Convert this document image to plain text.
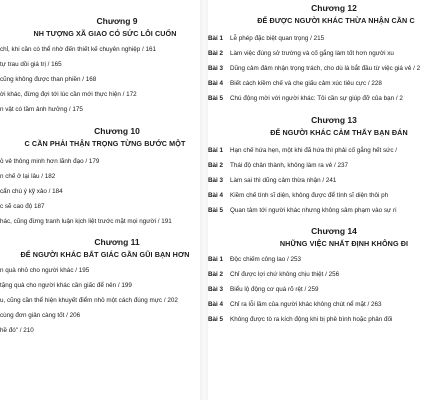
Chương 9
NH TƯỢNG XÃ GIAO CÓ SỨC LÔI CUỐN
chỉ, khi cần có thể nhờ đến thiết kế chuyên nghiệp / 161
tự trau dồi giá trị / 165
cũng không được than phiền / 168
ời khác, đừng đợi tới lúc cần mới thực hiện / 172
n vật có tầm ảnh hưởng / 175
Chương 10
C CẦN PHẢI THẬN TRỌNG TỪNG BƯỚC MỘT
ỏ vẻ thông minh hơn lãnh đạo / 179
n chế ở lại lâu / 182
cẩn chú ý kỹ xảo / 184
c sẽ cao độ 187
hác, cũng đừng tranh luận kịch liệt trước mặt mọi người / 191
Chương 11
ĐỂ NGƯỜI KHÁC BẤT GIÁC GẦN GŨI BẠN HƠN
n quà nhỏ cho người khác / 195
tặng quà cho người khác cần giấc để nên / 199
u, cũng cần thể hiện khuyết điểm nhỏ một cách đúng mực / 202
cùng đơn giản càng tốt / 206
hề đó" / 210
Chương 12
ĐỂ ĐƯỢC NGƯỜI KHÁC THỪA NHẬN CẦN C
Bài 1 Lễ phép đặc biệt quan trọng / 215
Bài 2 Làm việc đúng sở trường và cố gắng làm tốt hơn người xu
Bài 3 Dũng cảm đảm nhận trọng trách, cho dù là bắt đầu từ việc giá vẻ / 2
Bài 4 Biết cách kiềm chế và che giấu cảm xúc tiêu cực / 228
Bài 5 Chú động mời với người khác: Tôi cần sự giúp đỡ của bạn / 2
Chương 13
ĐỂ NGƯỜI KHÁC CẢM THẤY BẠN ĐÁN
Bài 1 Hạn chế hứa hẹn, một khi đã hứa thì phải cố gắng hết sức /
Bài 2 Thái độ chân thành, không làm ra vẻ / 237
Bài 3 Làm sai thì dũng cảm thừa nhận / 241
Bài 4 Kiềm chế tính sĩ diện, không được để tính sĩ diện thôi ph
Bài 5 Quan tâm tới người khác nhưng không sâm phạm vào sự ri
Chương 14
NHỮNG VIỆC NHẤT ĐỊNH KHÔNG ĐI
Bài 1 Độc chiếm công lao / 253
Bài 2 Chỉ được lợi chứ không chịu thiệt / 256
Bài 3 Biểu lộ động cơ quá rõ rệt / 259
Bài 4 Chỉ ra lỗi lầm của người khác không chút nể mặt / 263
Bài 5 Không được tò ra kích động khi bị phê bình hoặc phản đối
